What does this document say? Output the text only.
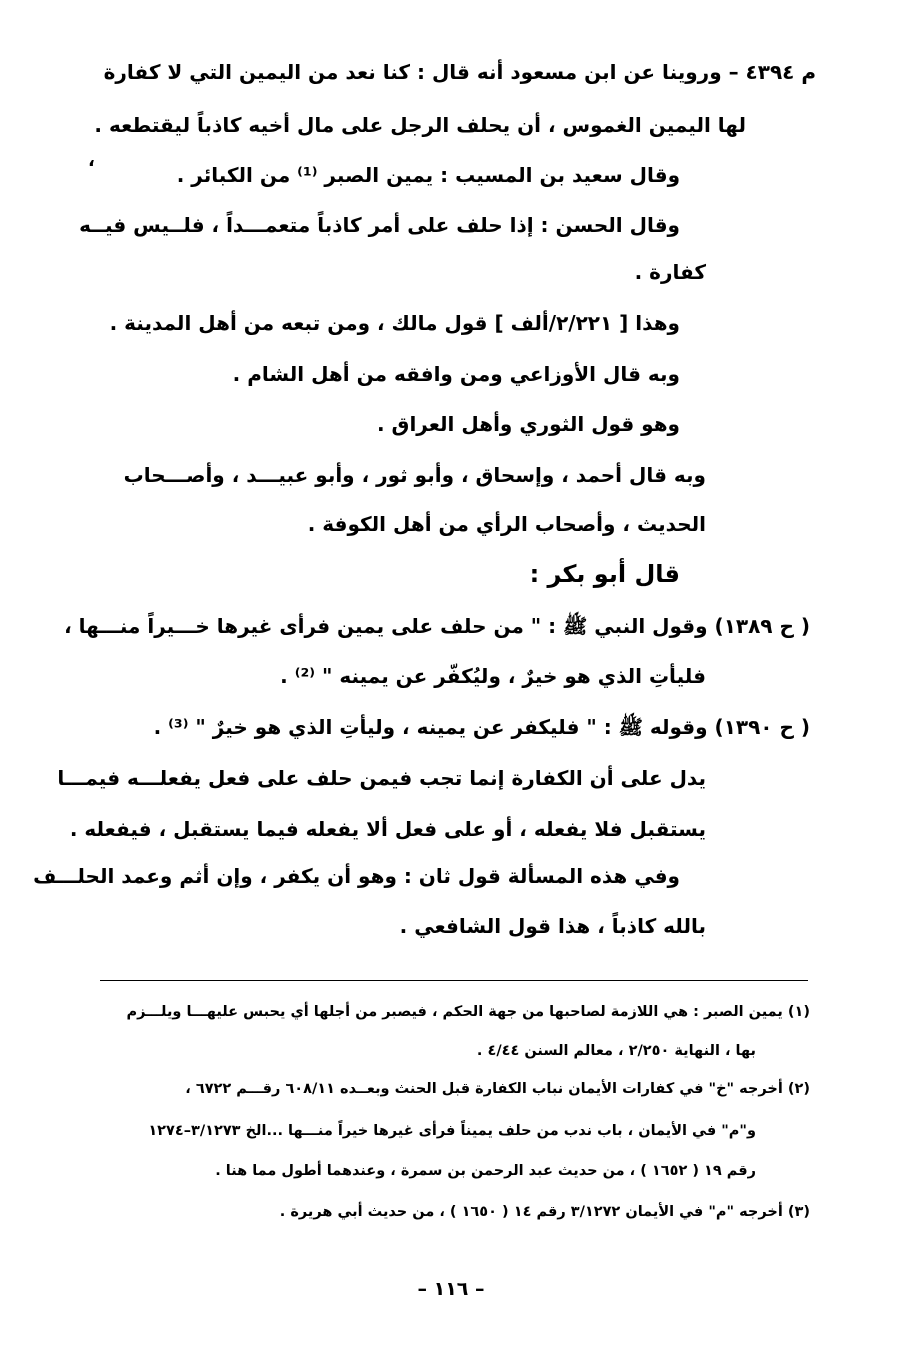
م ٤٣٩٤ – وروينا عن ابن مسعود أنه قال : كنا نعد من اليمين التي لا كفارة
لها اليمين الغموس ، أن يحلف الرجل على مال أخيه كاذباً ليقتطعه .
،
وقال سعيد بن المسيب : يمين الصبر ⁽¹⁾ من الكبائر .
وقال الحسن : إذا حلف على أمر كاذباً متعمـــداً ، فلــيس فيــه
كفارة .
وهذا [ ٢/٢٢١/ألف ] قول مالك ، ومن تبعه من أهل المدينة .
وبه قال الأوزاعي ومن وافقه من أهل الشام .
وهو قول الثوري وأهل العراق .
وبه قال أحمد ، وإسحاق ، وأبو ثور ، وأبو عبيـــد ، وأصـــحاب
الحديث ، وأصحاب الرأي من أهل الكوفة .
قال أبو بكر :
( ح ١٣٨٩) وقول النبي ﷺ : " من حلف على يمين فرأى غيرها خـــيراً منـــها ،
فليأتِ الذي هو خيرٌ ، وليُكفّر عن يمينه " ⁽²⁾ .
( ح ١٣٩٠) وقوله ﷺ : " فليكفر عن يمينه ، وليأتِ الذي هو خيرٌ " ⁽³⁾ .
يدل على أن الكفارة إنما تجب فيمن حلف على فعل يفعلـــه فيمـــا
يستقبل فلا يفعله ، أو على فعل ألا يفعله فيما يستقبل ، فيفعله .
وفي هذه المسألة قول ثان : وهو أن يكفر ، وإن أثم وعمد الحلـــف
بالله كاذباً ، هذا قول الشافعي .
(١) يمين الصبر : هي اللازمة لصاحبها من جهة الحكم ، فيصبر من أجلها أي يحبس عليهـــا ويلـــزم
بها ، النهاية ٢/٢٥٠ ، معالم السنن ٤/٤٤ .
(٢) أخرجه "خ" في كفارات الأيمان نباب الكفارة قبل الحنث وبعــده ٦٠٨/١١ رقـــم ٦٧٢٢ ،
و"م" في الأيمان ، باب ندب من حلف يميناً فرأى غيرها خيراً منـــها ...الخ ٣/١٢٧٣–١٢٧٤
رقم ١٩ ( ١٦٥٢ ) ، من حديث عبد الرحمن بن سمرة ، وعندهما أطول مما هنا .
(٣) أخرجه "م" في الأيمان ٣/١٢٧٢ رقم ١٤ ( ١٦٥٠ ) ، من حديث أبي هريرة .
– ١١٦ –
